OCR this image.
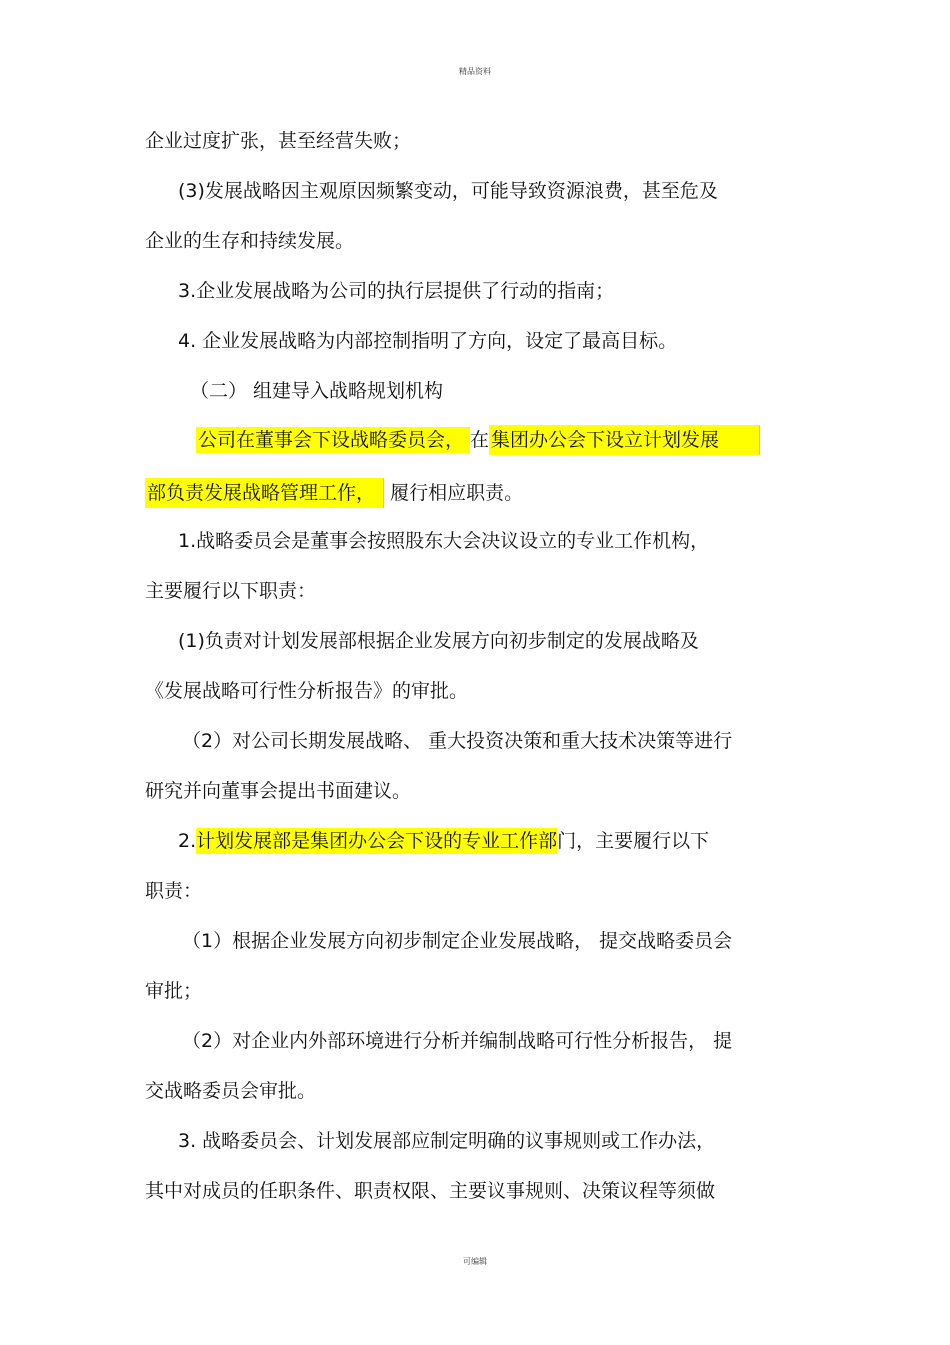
精品资料
企业过度扩张，甚至经营失败；
(3)发展战略因主观原因频繁变动，可能导致资源浪费，甚至危及
企业的生存和持续发展。
3.企业发展战略为公司的执行层提供了行动的指南；
4. 企业发展战略为内部控制指明了方向，设定了最高目标。
（二） 组建导入战略规划机构
公司在董事会下设战略委员会， 在 集团办公会下设立计划发展
部负责发展战略管理工作， 履行相应职责。
1.战略委员会是董事会按照股东大会决议设立的专业工作机构，
主要履行以下职责：
(1)负责对计划发展部根据企业发展方向初步制定的发展战略及
《发展战略可行性分析报告》的审批。
（2）对公司长期发展战略、 重大投资决策和重大技术决策等进行
研究并向董事会提出书面建议。
2.计划发展部是集团办公会下设的专业工作部门，主要履行以下
职责：
（1）根据企业发展方向初步制定企业发展战略， 提交战略委员会
审批；
（2）对企业内外部环境进行分析并编制战略可行性分析报告， 提
交战略委员会审批。
3. 战略委员会、计划发展部应制定明确的议事规则或工作办法，
其中对成员的任职条件、职责权限、主要议事规则、决策议程等须做
可编辑
